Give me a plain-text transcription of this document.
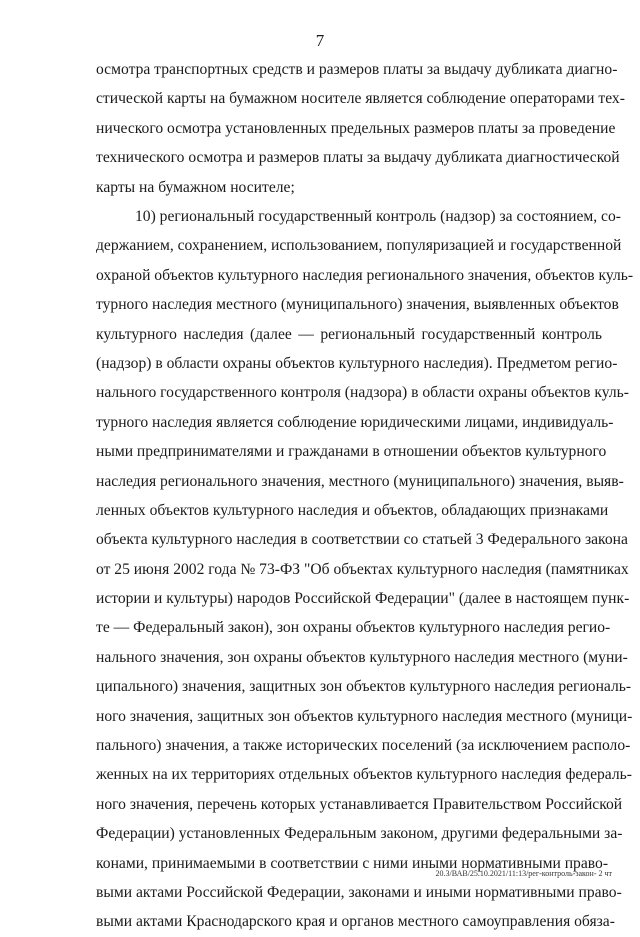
7
осмотра транспортных средств и размеров платы за выдачу дубликата диагно-
стической карты на бумажном носителе является соблюдение операторами тех-
нического осмотра установленных предельных размеров платы за проведение
технического осмотра и размеров платы за выдачу дубликата диагностической
карты на бумажном носителе;
10) региональный государственный контроль (надзор) за состоянием, со-
держанием, сохранением, использованием, популяризацией и государственной
охраной объектов культурного наследия регионального значения, объектов куль-
турного наследия местного (муниципального) значения, выявленных объектов
культурного наследия (далее — региональный государственный контроль
(надзор) в области охраны объектов культурного наследия). Предметом регио-
нального государственного контроля (надзора) в области охраны объектов куль-
турного наследия является соблюдение юридическими лицами, индивидуаль-
ными предпринимателями и гражданами в отношении объектов культурного
наследия регионального значения, местного (муниципального) значения, выяв-
ленных объектов культурного наследия и объектов, обладающих признаками
объекта культурного наследия в соответствии со статьей 3 Федерального закона
от 25 июня 2002 года № 73-ФЗ "Об объектах культурного наследия (памятниках
истории и культуры) народов Российской Федерации" (далее в настоящем пунк-
те — Федеральный закон), зон охраны объектов культурного наследия регио-
нального значения, зон охраны объектов культурного наследия местного (муни-
ципального) значения, защитных зон объектов культурного наследия региональ-
ного значения, защитных зон объектов культурного наследия местного (муници-
пального) значения, а также исторических поселений (за исключением располо-
женных на их территориях отдельных объектов культурного наследия федераль-
ного значения, перечень которых устанавливается Правительством Российской
Федерации) установленных Федеральным законом, другими федеральными за-
конами, принимаемыми в соответствии с ними иными нормативными право-
выми актами Российской Федерации, законами и иными нормативными право-
выми актами Краснодарского края и органов местного самоуправления обяза-
20.3/ВАВ/25.10.2021/11:13/рег-контроль-закон- 2 чт
